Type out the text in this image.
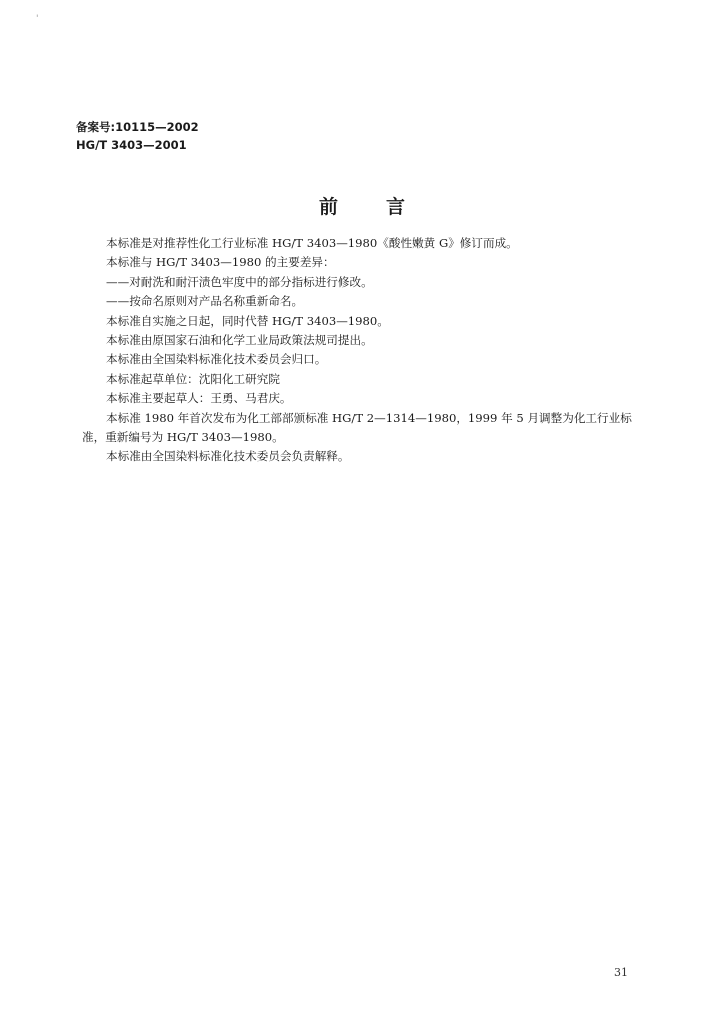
'
备案号:10115—2002
HG/T 3403—2001
前言

本标准是对推荐性化工行业标准 HG/T 3403—1980《酸性嫩黄 G》修订而成。

本标准与 HG/T 3403—1980 的主要差异：

——对耐洗和耐汗渍色牢度中的部分指标进行修改。

——按命名原则对产品名称重新命名。

本标准自实施之日起，同时代替 HG/T 3403—1980。

本标准由原国家石油和化学工业局政策法规司提出。

本标准由全国染料标准化技术委员会归口。

本标准起草单位：沈阳化工研究院

本标准主要起草人：王勇、马君庆。

本标准 1980 年首次发布为化工部部颁标准 HG/T 2—1314—1980，1999 年 5 月调整为化工行业标准，重新编号为 HG/T 3403—1980。

本标准由全国染料标准化技术委员会负责解释。

31
